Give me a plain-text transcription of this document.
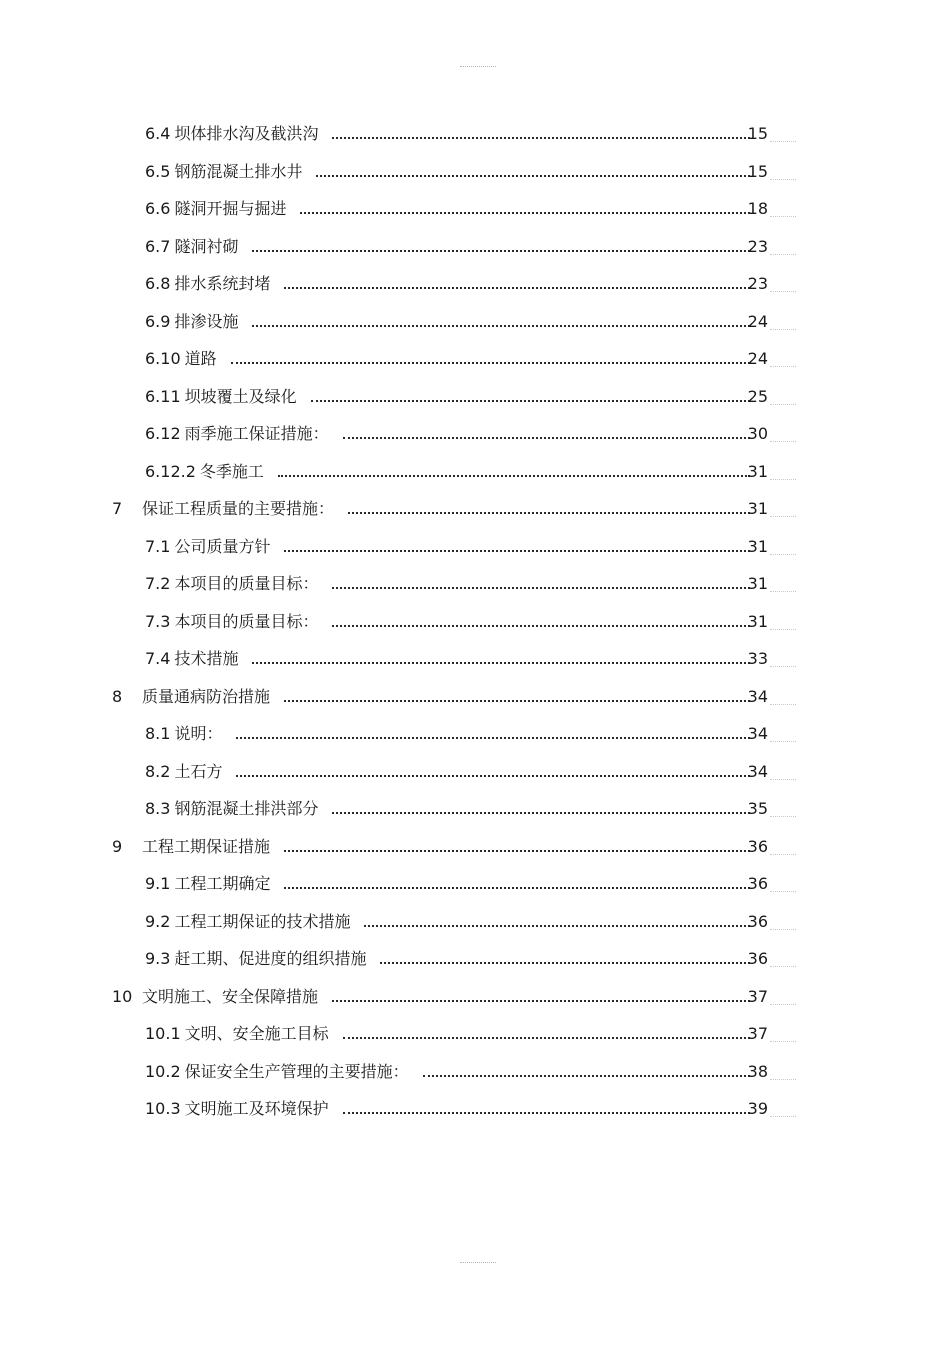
6.4 坝体排水沟及截洪沟	15
6.5 钢筋混凝土排水井	15
6.6 隧洞开掘与掘进	18
6.7 隧洞衬砌	23
6.8 排水系统封堵	23
6.9 排渗设施	24
6.10 道路	24
6.11 坝坡覆土及绿化	25
6.12 雨季施工保证措施：	30
6.12.2 冬季施工	31
7	保证工程质量的主要措施：	31
7.1 公司质量方针	31
7.2 本项目的质量目标：	31
7.3 本项目的质量目标：	31
7.4 技术措施	33
8	质量通病防治措施	34
8.1 说明：	34
8.2 土石方	34
8.3 钢筋混凝土排洪部分	35
9	工程工期保证措施	36
9.1 工程工期确定	36
9.2 工程工期保证的技术措施	36
9.3 赶工期、促进度的组织措施	36
10 文明施工、安全保障措施	37
10.1 文明、安全施工目标	37
10.2 保证安全生产管理的主要措施：	38
10.3 文明施工及环境保护	39
